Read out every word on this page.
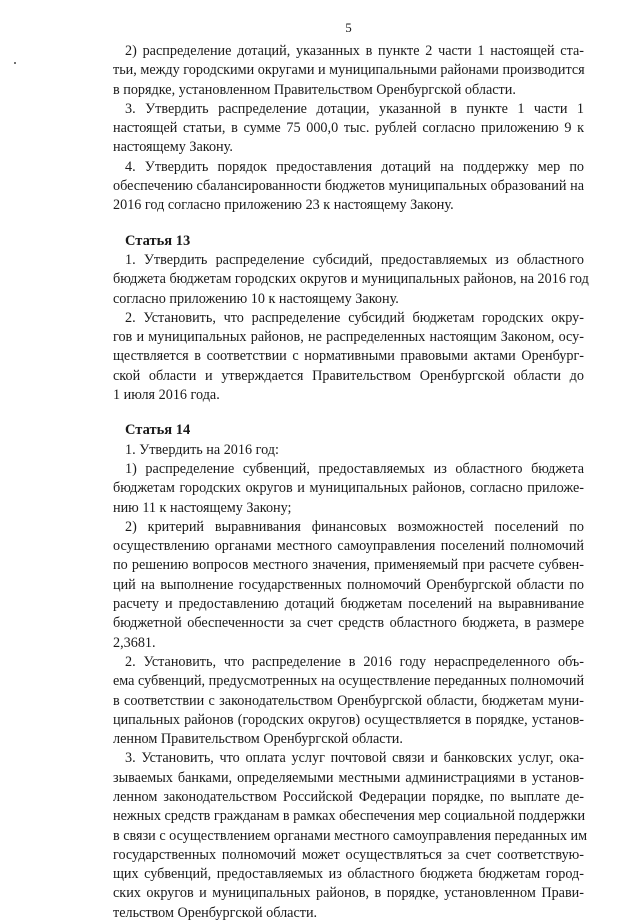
5
2) распределение дотаций, указанных в пункте 2 части 1 настоящей ста-
тьи, между городскими округами и муниципальными районами производится
в порядке, установленном Правительством Оренбургской области.
3. Утвердить распределение дотации, указанной в пункте 1 части 1
настоящей статьи, в сумме 75 000,0 тыс. рублей согласно приложению 9 к
настоящему Закону.
4. Утвердить порядок предоставления дотаций на поддержку мер по
обеспечению сбалансированности бюджетов муниципальных образований на
2016 год согласно приложению 23 к настоящему Закону.
Статья 13
1. Утвердить распределение субсидий, предоставляемых из областного
бюджета бюджетам городских округов и муниципальных районов, на 2016 год
согласно приложению 10 к настоящему Закону.
2. Установить, что распределение субсидий бюджетам городских окру-
гов и муниципальных районов, не распределенных настоящим Законом, осу-
ществляется в соответствии с нормативными правовыми актами Оренбург-
ской области и утверждается Правительством Оренбургской области до
1 июля 2016 года.
Статья 14
1. Утвердить на 2016 год:
1) распределение субвенций, предоставляемых из областного бюджета
бюджетам городских округов и муниципальных районов, согласно приложе-
нию 11 к настоящему Закону;
2) критерий выравнивания финансовых возможностей поселений по
осуществлению органами местного самоуправления поселений полномочий
по решению вопросов местного значения, применяемый при расчете субвен-
ций на выполнение государственных полномочий Оренбургской области по
расчету и предоставлению дотаций бюджетам поселений на выравнивание
бюджетной обеспеченности за счет средств областного бюджета, в размере
2,3681.
2. Установить, что распределение в 2016 году нераспределенного объ-
ема субвенций, предусмотренных на осуществление переданных полномочий
в соответствии с законодательством Оренбургской области, бюджетам муни-
ципальных районов (городских округов) осуществляется в порядке, установ-
ленном Правительством Оренбургской области.
3. Установить, что оплата услуг почтовой связи и банковских услуг, ока-
зываемых банками, определяемыми местными администрациями в установ-
ленном законодательством Российской Федерации порядке, по выплате де-
нежных средств гражданам в рамках обеспечения мер социальной поддержки
в связи с осуществлением органами местного самоуправления переданных им
государственных полномочий может осуществляться за счет соответствую-
щих субвенций, предоставляемых из областного бюджета бюджетам город-
ских округов и муниципальных районов, в порядке, установленном Прави-
тельством Оренбургской области.
